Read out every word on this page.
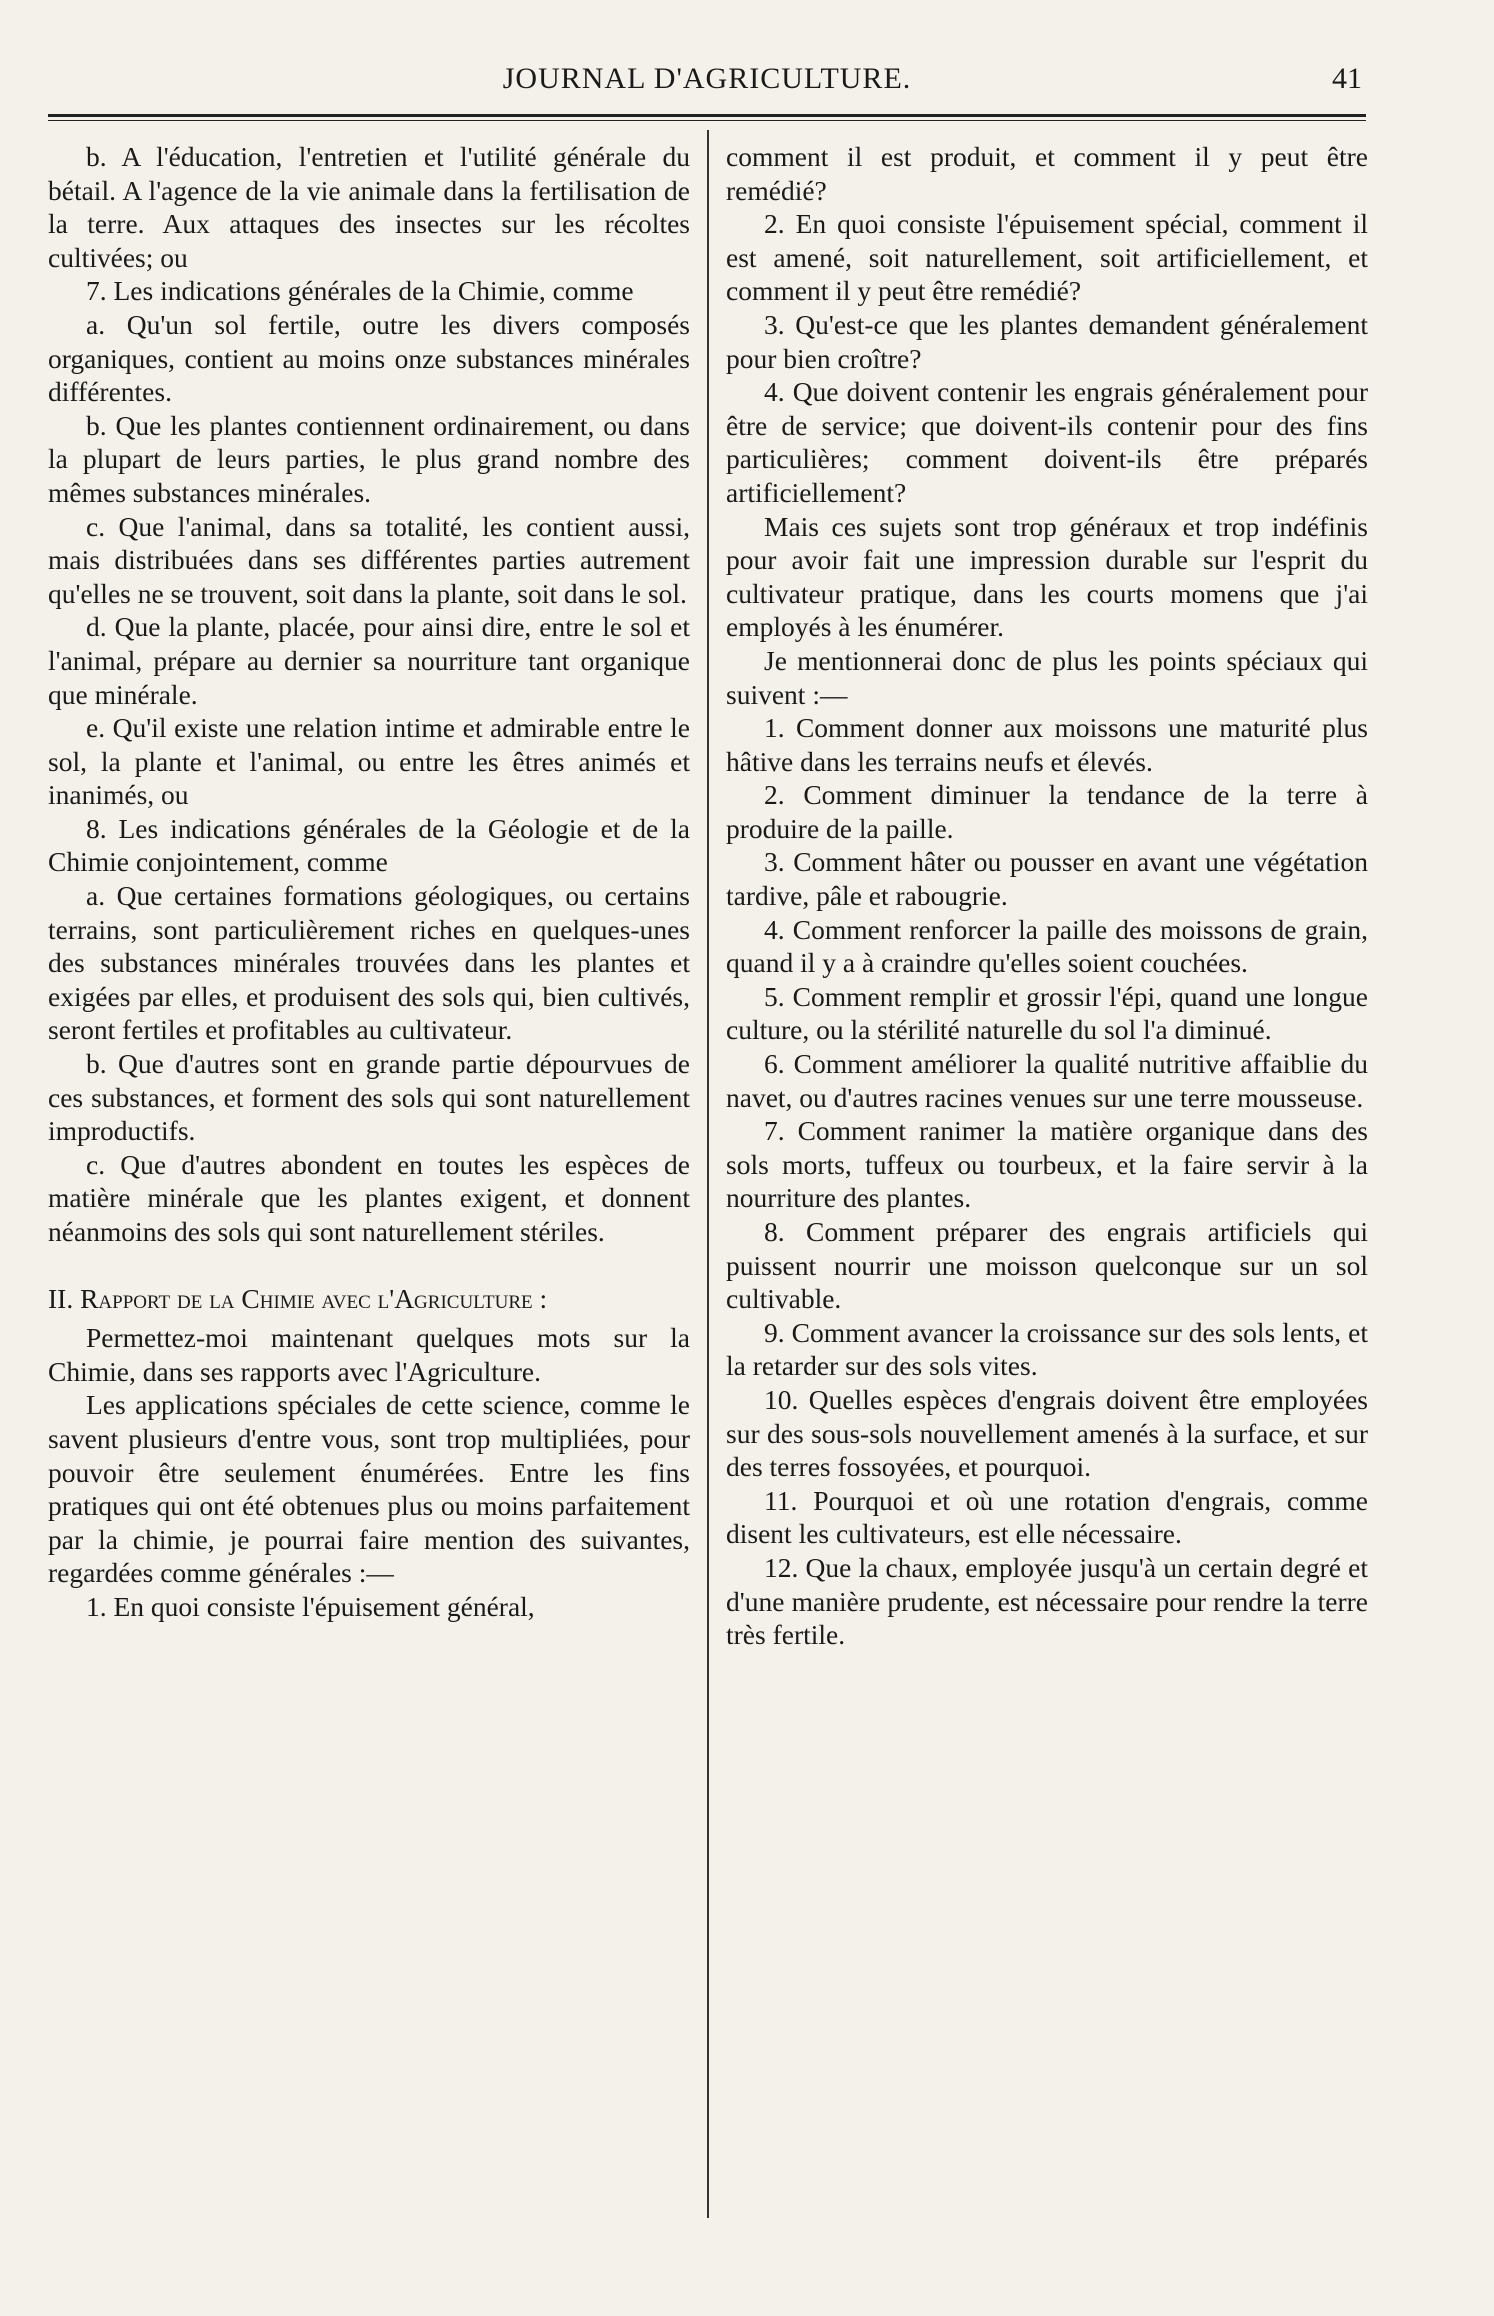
JOURNAL D'AGRICULTURE.	41

b. A l'éducation, l'entretien et l'utilité générale du bétail. A l'agence de la vie animale dans la fertilisation de la terre. Aux attaques des insectes sur les récoltes cultivées; ou

7. Les indications générales de la Chimie, comme

a. Qu'un sol fertile, outre les divers composés organiques, contient au moins onze substances minérales différentes.

b. Que les plantes contiennent ordinairement, ou dans la plupart de leurs parties, le plus grand nombre des mêmes substances minérales.

c. Que l'animal, dans sa totalité, les contient aussi, mais distribuées dans ses différentes parties autrement qu'elles ne se trouvent, soit dans la plante, soit dans le sol.

d. Que la plante, placée, pour ainsi dire, entre le sol et l'animal, prépare au dernier sa nourriture tant organique que minérale.

e. Qu'il existe une relation intime et admirable entre le sol, la plante et l'animal, ou entre les êtres animés et inanimés, ou

8. Les indications générales de la Géologie et de la Chimie conjointement, comme

a. Que certaines formations géologiques, ou certains terrains, sont particulièrement riches en quelques-unes des substances minérales trouvées dans les plantes et exigées par elles, et produisent des sols qui, bien cultivés, seront fertiles et profitables au cultivateur.

b. Que d'autres sont en grande partie dépourvues de ces substances, et forment des sols qui sont naturellement improductifs.

c. Que d'autres abondent en toutes les espèces de matière minérale que les plantes exigent, et donnent néanmoins des sols qui sont naturellement stériles.

II. Rapport de la Chimie avec l'Agriculture :

Permettez-moi maintenant quelques mots sur la Chimie, dans ses rapports avec l'Agriculture.

Les applications spéciales de cette science, comme le savent plusieurs d'entre vous, sont trop multipliées, pour pouvoir être seulement énumérées. Entre les fins pratiques qui ont été obtenues plus ou moins parfaitement par la chimie, je pourrai faire mention des suivantes, regardées comme générales :—

1. En quoi consiste l'épuisement général,

comment il est produit, et comment il y peut être remédié?

2. En quoi consiste l'épuisement spécial, comment il est amené, soit naturellement, soit artificiellement, et comment il y peut être remédié?

3. Qu'est-ce que les plantes demandent généralement pour bien croître?

4. Que doivent contenir les engrais généralement pour être de service; que doivent-ils contenir pour des fins particulières; comment doivent-ils être préparés artificiellement?

Mais ces sujets sont trop généraux et trop indéfinis pour avoir fait une impression durable sur l'esprit du cultivateur pratique, dans les courts momens que j'ai employés à les énumérer.

Je mentionnerai donc de plus les points spéciaux qui suivent :—

1. Comment donner aux moissons une maturité plus hâtive dans les terrains neufs et élevés.

2. Comment diminuer la tendance de la terre à produire de la paille.

3. Comment hâter ou pousser en avant une végétation tardive, pâle et rabougrie.

4. Comment renforcer la paille des moissons de grain, quand il y a à craindre qu'elles soient couchées.

5. Comment remplir et grossir l'épi, quand une longue culture, ou la stérilité naturelle du sol l'a diminué.

6. Comment améliorer la qualité nutritive affaiblie du navet, ou d'autres racines venues sur une terre mousseuse.

7. Comment ranimer la matière organique dans des sols morts, tuffeux ou tourbeux, et la faire servir à la nourriture des plantes.

8. Comment préparer des engrais artificiels qui puissent nourrir une moisson quelconque sur un sol cultivable.

9. Comment avancer la croissance sur des sols lents, et la retarder sur des sols vites.

10. Quelles espèces d'engrais doivent être employées sur des sous-sols nouvellement amenés à la surface, et sur des terres fossoyées, et pourquoi.

11. Pourquoi et où une rotation d'engrais, comme disent les cultivateurs, est elle nécessaire.

12. Que la chaux, employée jusqu'à un certain degré et d'une manière prudente, est nécessaire pour rendre la terre très fertile.
